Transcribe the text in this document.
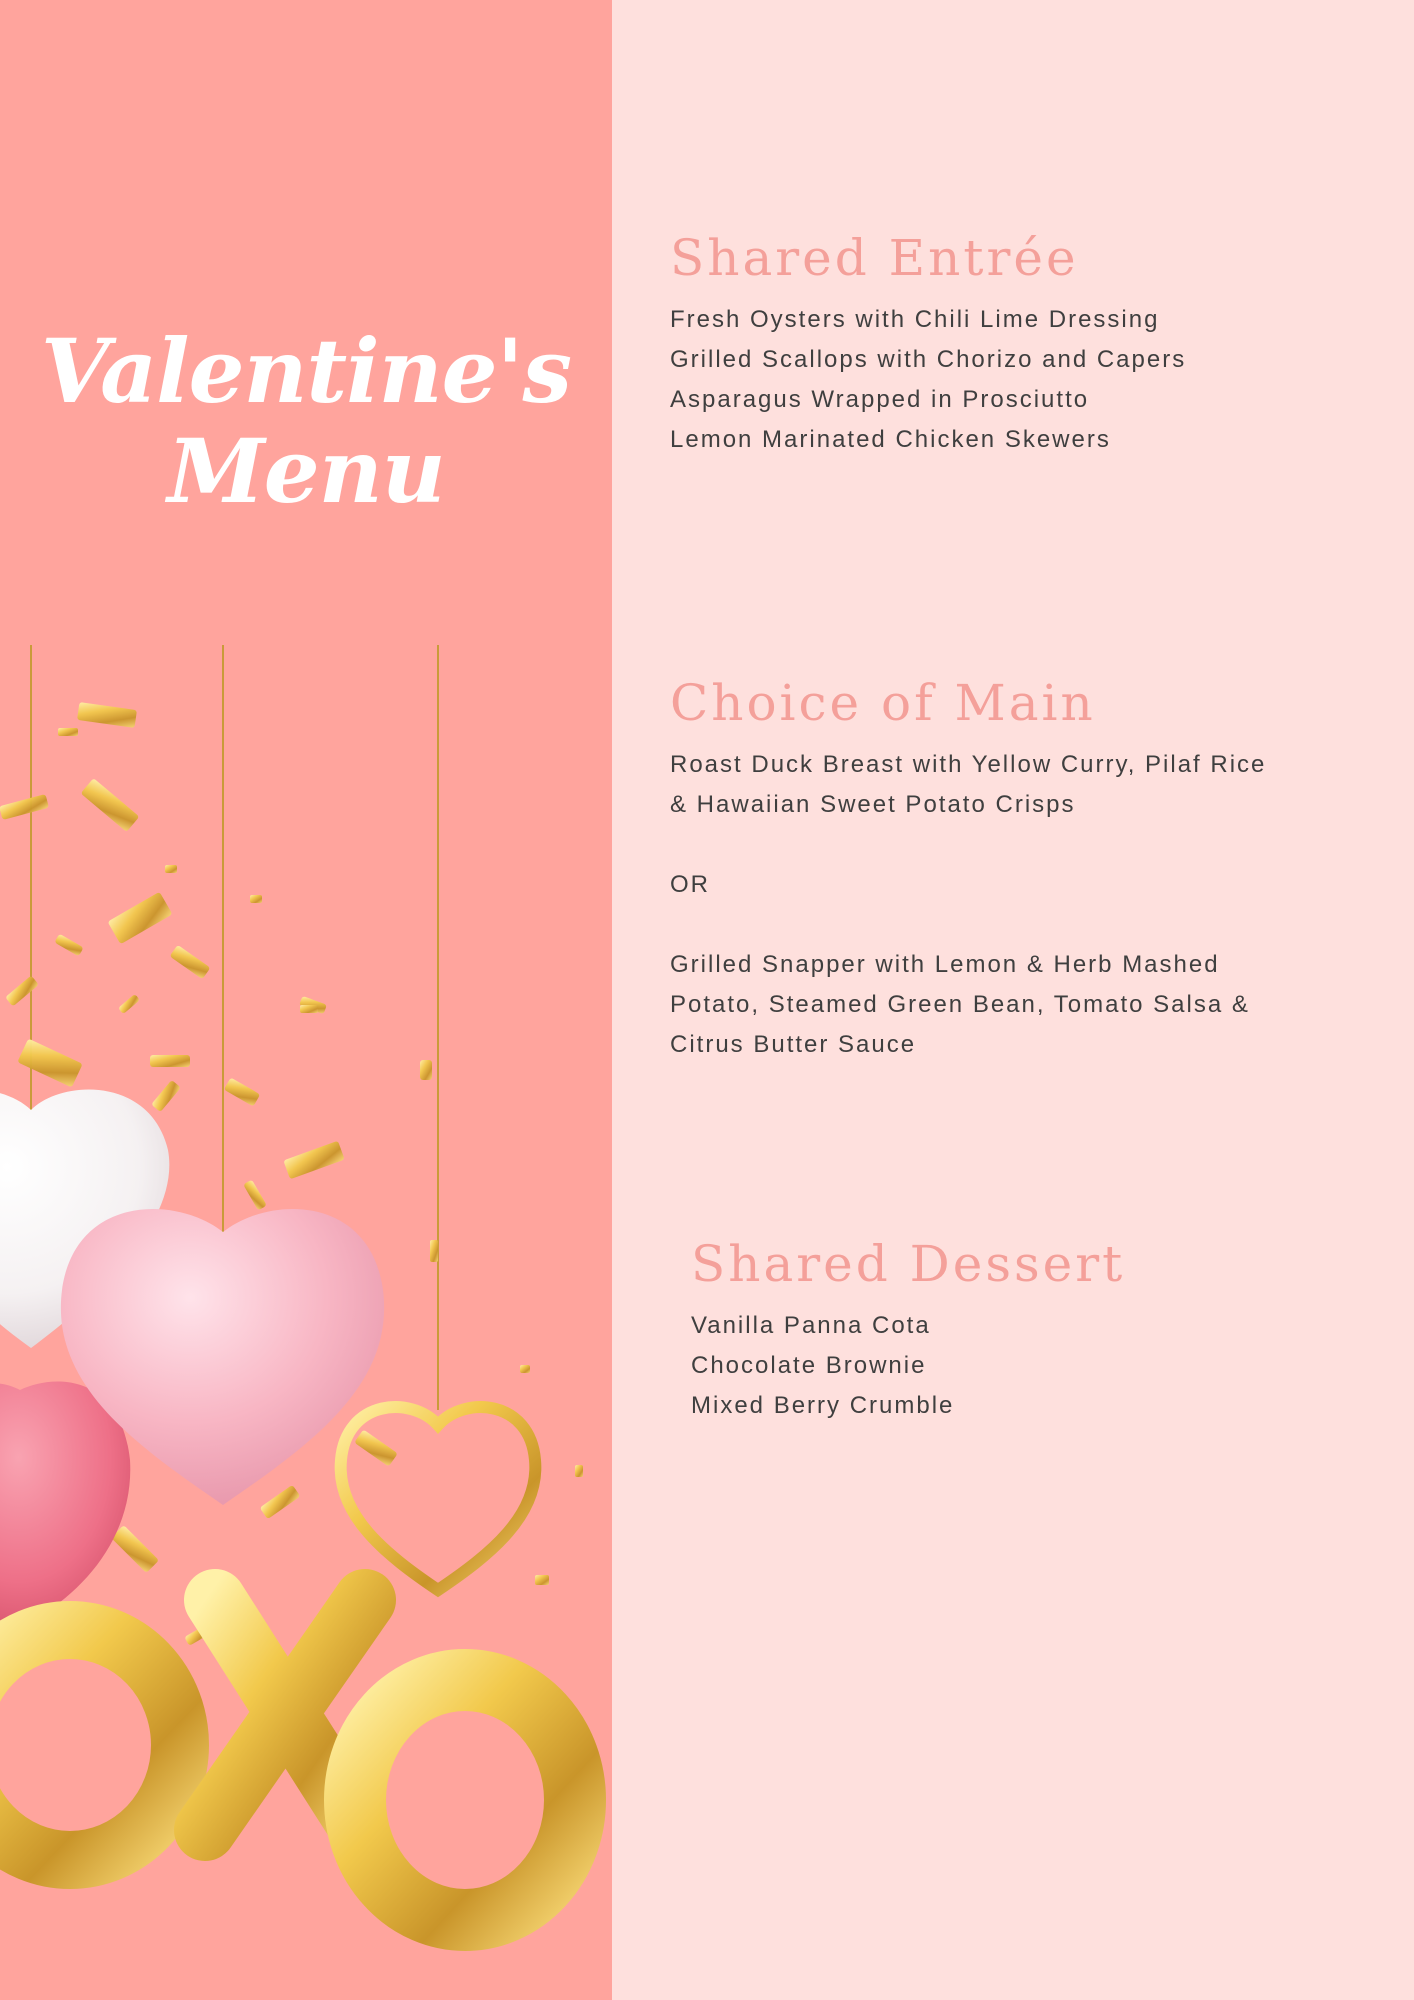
Valentine's
Menu
Shared Entrée
Fresh Oysters with Chili Lime Dressing
Grilled Scallops with Chorizo and Capers
Asparagus Wrapped in Prosciutto
Lemon Marinated Chicken Skewers
Choice of Main

Roast Duck Breast with Yellow Curry, Pilaf Rice

& Hawaiian Sweet Potato Crisps

OR

Grilled Snapper with Lemon & Herb Mashed

Potato, Steamed Green Bean, Tomato Salsa &

Citrus Butter Sauce

Shared Dessert
Vanilla Panna Cota
Chocolate Brownie
Mixed Berry Crumble
